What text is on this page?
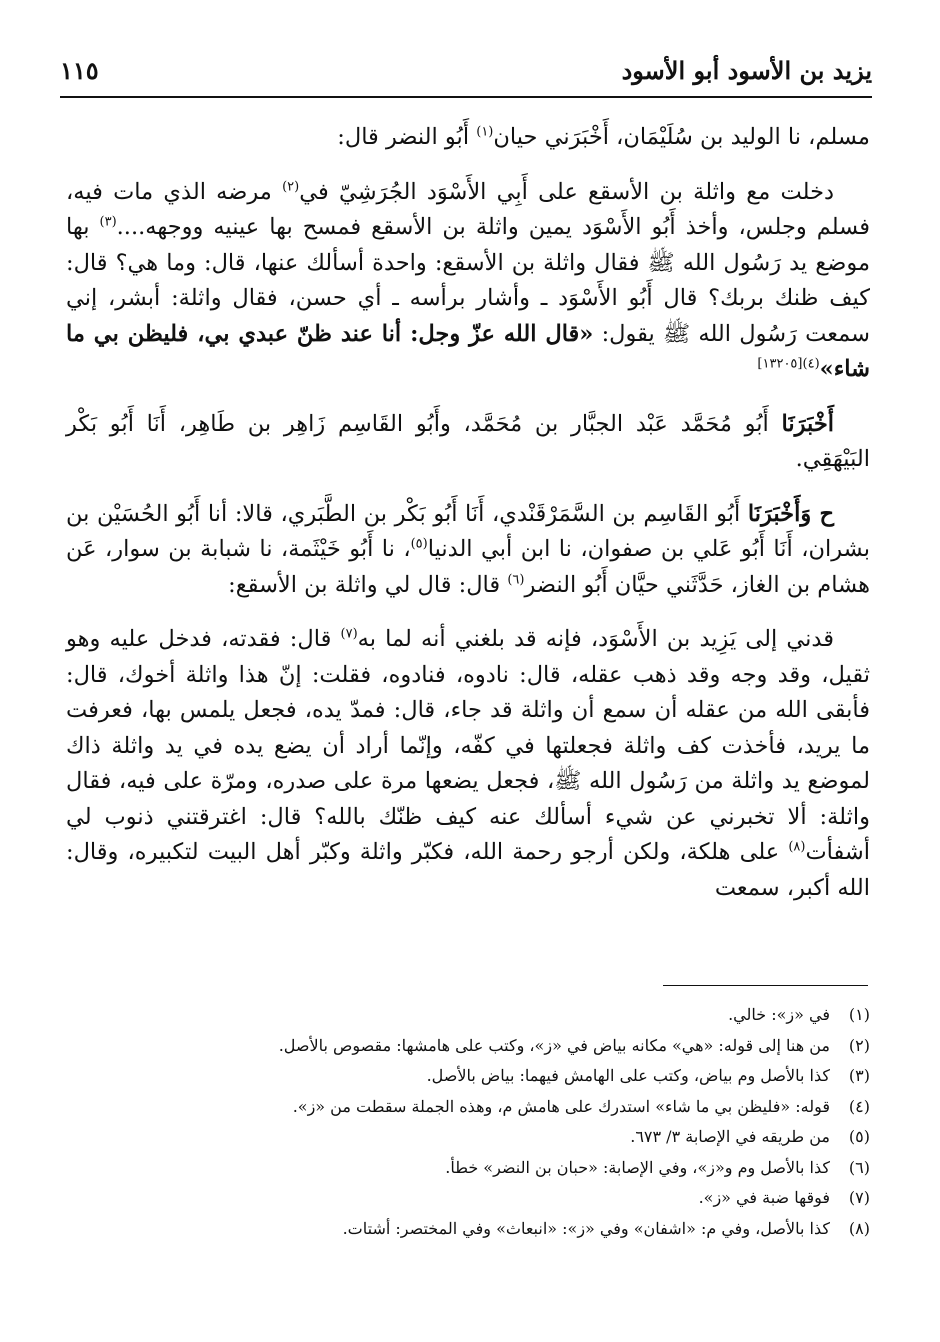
يزيد بن الأسود أبو الأسود
١١٥

مسلم، نا الوليد بن سُلَيْمَان، أَخْبَرَني حيان$^{(١)}$ أَبُو النضر قال:

دخلت مع واثلة بن الأسقع على أَبِي الأَسْوَد الجُرَشِيّ في$^{(٢)}$ مرضه الذي مات فيه، فسلم وجلس، وأخذ أَبُو الأَسْوَد يمين واثلة بن الأسقع فمسح بها عينيه ووجهه....$^{(٣)}$ بها موضع يد رَسُول الله ﷺ فقال واثلة بن الأسقع: واحدة أسألك عنها، قال: وما هي؟ قال: كيف ظنك بربك؟ قال أَبُو الأَسْوَد ـ وأشار برأسه ـ أي حسن، فقال واثلة: أبشر، إني سمعت رَسُول الله ﷺ يقول: «قال الله عزّ وجل: أنا عند ظنّ عبدي بي، فليظن بي ما شاء»$^{(٤)[١٣٢٠٥]}$

أَخْبَرَنَا أَبُو مُحَمَّد عَبْد الجبَّار بن مُحَمَّد، وأَبُو القَاسِم زَاهِر بن طَاهِر، أَنَا أَبُو بَكْر البَيْهَقِي.

ح وَأَخْبَرَنَا أَبُو القَاسِم بن السَّمَرْقَنْدي، أَنَا أَبُو بَكْر بن الطَّبَري، قالا: أنا أَبُو الحُسَيْن بن بشران، أَنَا أَبُو عَلي بن صفوان، نا ابن أبي الدنيا$^{(٥)}$، نا أَبُو خَيْثَمة، نا شبابة بن سوار، عَن هشام بن الغاز، حَدَّثَني حيَّان أَبُو النضر$^{(٦)}$ قال: قال لي واثلة بن الأسقع:

قدني إلى يَزِيد بن الأَسْوَد، فإنه قد بلغني أنه لما به$^{(٧)}$ قال: فقدته، فدخل عليه وهو ثقيل، وقد وجه وقد ذهب عقله، قال: نادوه، فنادوه، فقلت: إنّ هذا واثلة أخوك، قال: فأبقى الله من عقله أن سمع أن واثلة قد جاء، قال: فمدّ يده، فجعل يلمس بها، فعرفت ما يريد، فأخذت كف واثلة فجعلتها في كفّه، وإنّما أراد أن يضع يده في يد واثلة ذاك لموضع يد واثلة من رَسُول الله ﷺ، فجعل يضعها مرة على صدره، ومرّة على فيه، فقال واثلة: ألا تخبرني عن شيء أسألك عنه كيف ظنّك بالله؟ قال: اغترقتني ذنوب لي أشفأت$^{(٨)}$ على هلكة، ولكن أرجو رحمة الله، فكبّر واثلة وكبّر أهل البيت لتكبيره، وقال: الله أكبر، سمعت

(١)في «ز»: خالي.
(٢)من هنا إلى قوله: «هي» مكانه بياض في «ز»، وكتب على هامشها: مقصوص بالأصل.
(٣)كذا بالأصل وم بياض، وكتب على الهامش فيهما: بياض بالأصل.
(٤)قوله: «فليظن بي ما شاء» استدرك على هامش م، وهذه الجملة سقطت من «ز».
(٥)من طريقه في الإصابة ٣/ ٦٧٣.
(٦)كذا بالأصل وم و«ز»، وفي الإصابة: «حبان بن النضر» خطأ.
(٧)فوقها ضبة في «ز».
(٨)كذا بالأصل، وفي م: «اشفان» وفي «ز»: «انبعاث» وفي المختصر: أشتات.
